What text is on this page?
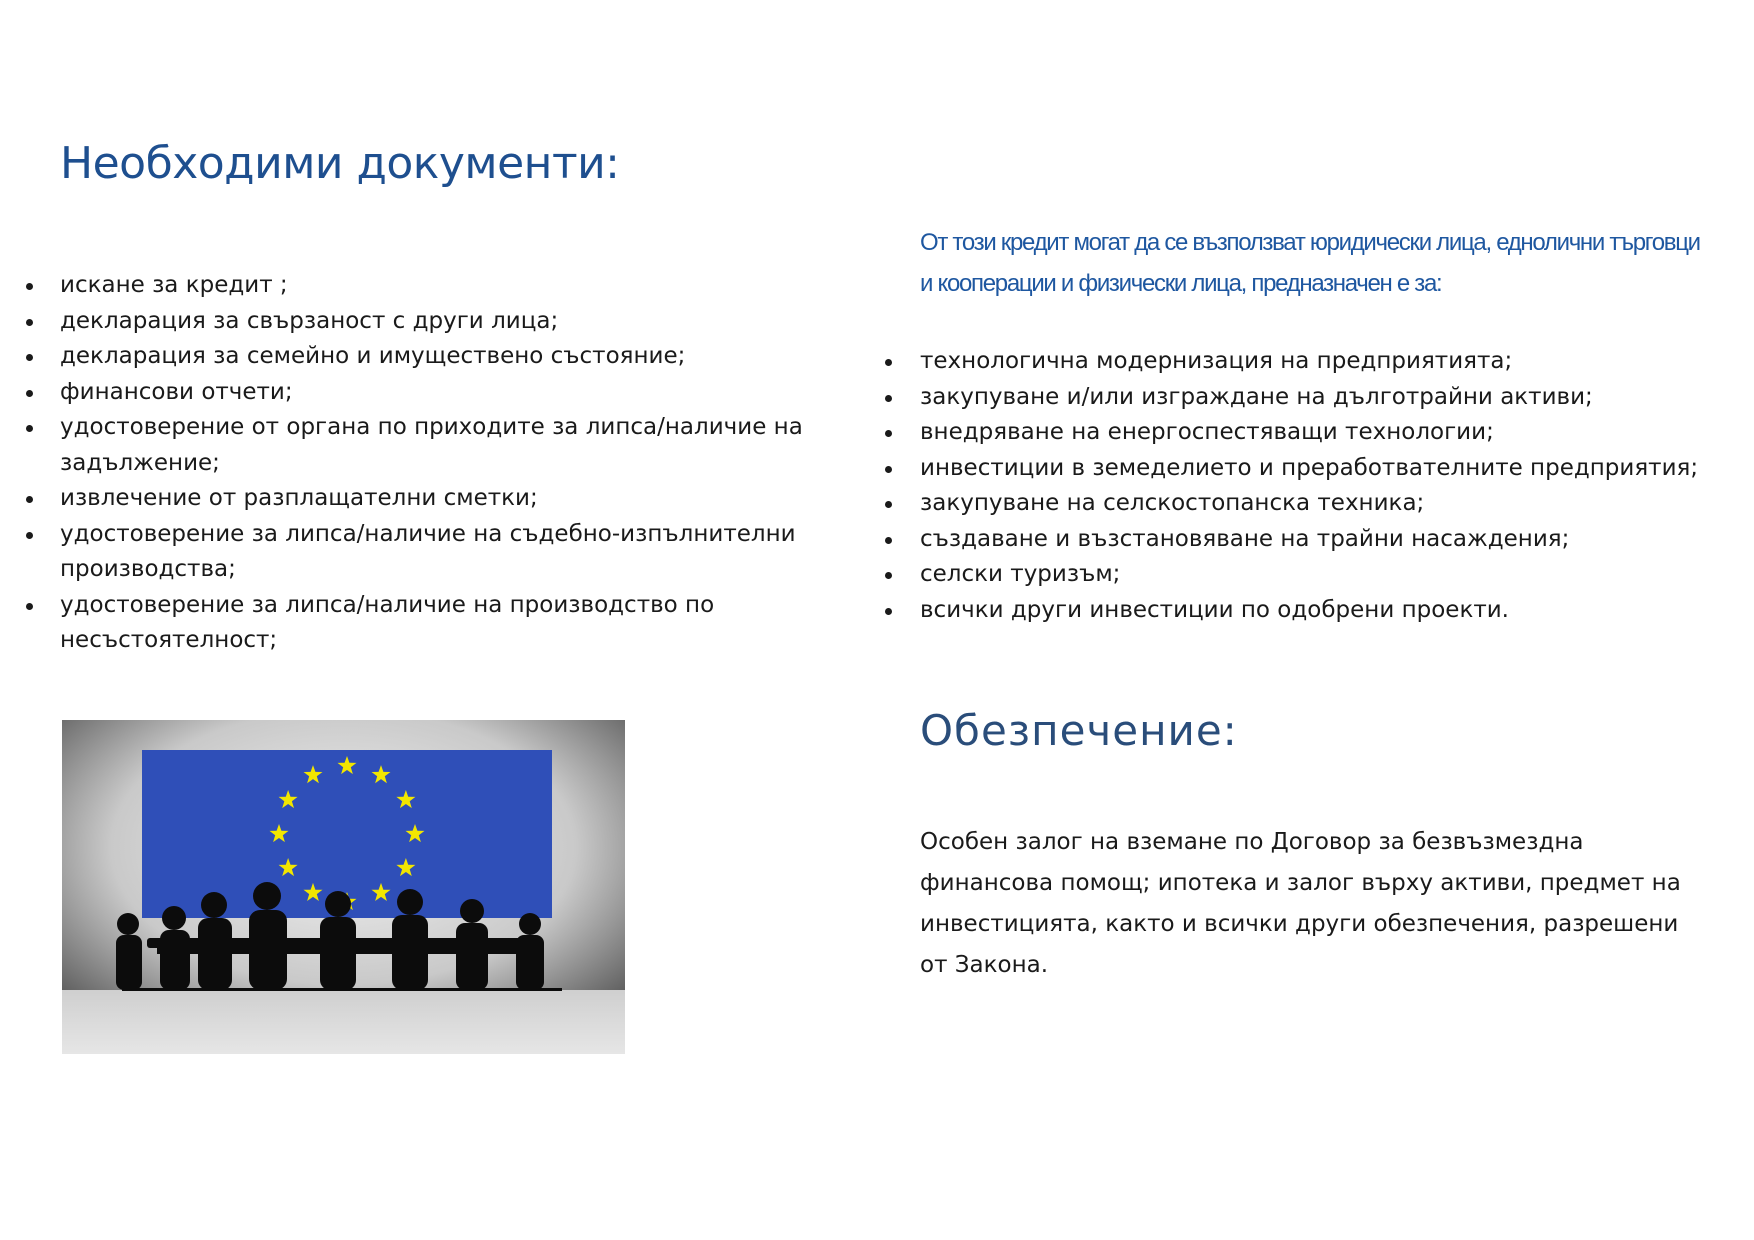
Необходими документи:
искане за кредит ;
декларация за свързаност с други лица;
декларация за семейно и имуществено състояние;
финансови отчети;
удостоверение от органа по приходите за липса/наличие на задължение;
извлечение от разплащателни сметки;
удостоверение за липса/наличие на съдебно-изпълнителни производства;
удостоверение за липса/наличие на производство по несъстоятелност;

От този кредит могат да се възползват юридически лица, еднолични търговци и кооперации и физически лица, предназначен е за:

технологична модернизация на предприятията;
закупуване и/или изграждане на дълготрайни активи;
внедряване на енергоспестяващи технологии;
инвестиции в земеделието и преработвателните предприятия;
закупуване на селскостопанска техника;
създаване и възстановяване на трайни насаждения;
селски туризъм;
всички други инвестиции по одобрени проекти.
Обезпечение:

Особен залог на вземане по Договор за безвъзмездна финансова помощ; ипотека и залог върху активи, предмет на инвестицията, както и всички други обезпечения, разрешени от Закона.
